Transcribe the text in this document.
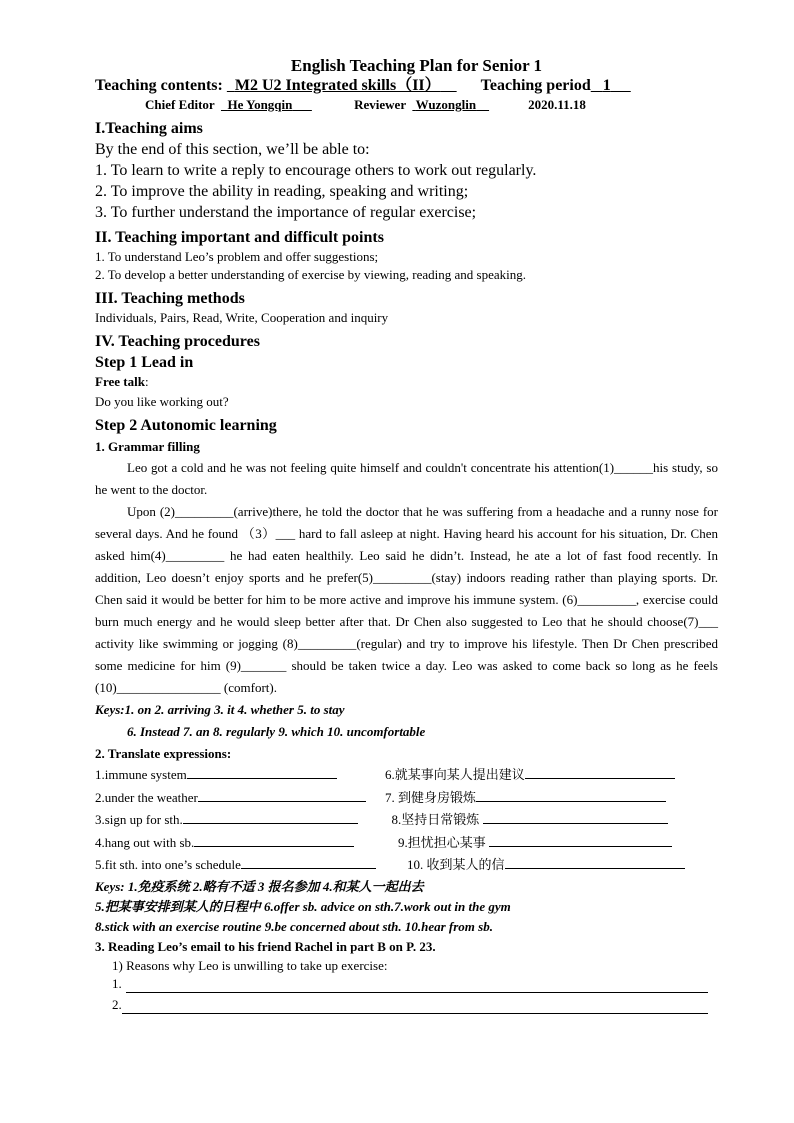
English Teaching Plan for Senior 1
Teaching contents: M2 U2 Integrated skills（II）	Teaching period 1
Chief Editor He Yongqin	Reviewer Wuzonglin	2020.11.18
I.Teaching aims
By the end of this section, we’ll be able to:
1. To learn to write a reply to encourage others to work out regularly.
2. To improve the ability in reading, speaking and writing;
3. To further understand the importance of regular exercise;
II. Teaching important and difficult points
1. To understand Leo’s problem and offer suggestions;
2. To develop a better understanding of exercise by viewing, reading and speaking.
III. Teaching methods
Individuals, Pairs, Read, Write, Cooperation and inquiry
IV. Teaching procedures
Step 1 Lead in
Free talk:
Do you like working out?
Step 2 Autonomic learning
1. Grammar filling
Leo got a cold and he was not feeling quite himself and couldn't concentrate his attention(1)______his study, so he went to the doctor.
Upon (2)_________(arrive)there, he told the doctor that he was suffering from a headache and a runny nose for several days. And he found （3）___ hard to fall asleep at night. Having heard his account for his situation, Dr. Chen asked him(4)_________ he had eaten healthily. Leo said he didn’t. Instead, he ate a lot of fast food recently. In addition, Leo doesn’t enjoy sports and he prefer(5)_________(stay) indoors reading rather than playing sports. Dr. Chen said it would be better for him to be more active and improve his immune system. (6)_________, exercise could burn much energy and he would sleep better after that. Dr Chen also suggested to Leo that he should choose(7)___ activity like swimming or jogging (8)_________(regular) and try to improve his lifestyle. Then Dr Chen prescribed some medicine for him (9)_______ should be taken twice a day. Leo was asked to come back so long as he feels (10)________________ (comfort).
Keys:1. on 2. arriving 3. it 4. whether 5. to stay
6. Instead 7. an 8. regularly 9. which 10. uncomfortable
2. Translate expressions:
1.immune system	6.就某事向某人提出建议
2.under the weather	7. 到健身房锻炼
3.sign up for sth.	8.坚持日常锻炼
4.hang out with sb.	9.担忧担心某事
5.fit sth. into one’s schedule	10. 收到某人的信
Keys: 1.免疫系统 2.略有不适 3 报名参加 4.和某人一起出去
5.把某事安排到某人的日程中 6.offer sb. advice on sth.7.work out in the gym
8.stick with an exercise routine 9.be concerned about sth. 10.hear from sb.
3. Reading Leo’s email to his friend Rachel in part B on P. 23.
1) Reasons why Leo is unwilling to take up exercise:
1.
2.
